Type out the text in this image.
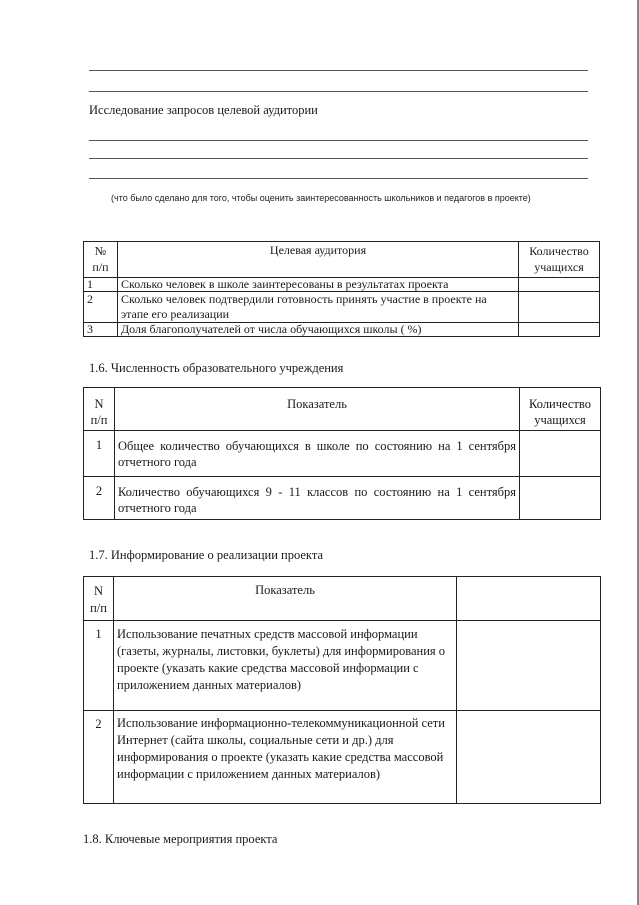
Исследование запросов целевой аудитории
(что было сделано для того, чтобы оценить заинтересованность школьников и педагогов в проекте)
№ п/п	Целевая аудитория	Количество учащихся
1	Сколько человек в школе заинтересованы в результатах проекта	
2	Сколько человек подтвердили готовность принять участие в проекте на этапе его реализации	
3	Доля благополучателей от числа обучающихся школы ( %)	
1.6. Численность образовательного учреждения
N п/п	Показатель	Количество учащихся
1	Общее количество обучающихся в школе по состоянию на 1 сентября отчетного года	
2	Количество обучающихся 9 - 11 классов по состоянию на 1 сентября отчетного года	
1.7. Информирование о реализации проекта
N п/п	Показатель	
1	Использование печатных средств массовой информации (газеты, журналы, листовки, буклеты) для информирования о проекте (указать какие средства массовой информации с приложением данных материалов)	
2	Использование информационно-телекоммуникационной сети Интернет (сайта школы, социальные сети и др.) для информирования о проекте (указать какие средства массовой информации с приложением данных материалов)	
1.8. Ключевые мероприятия проекта
